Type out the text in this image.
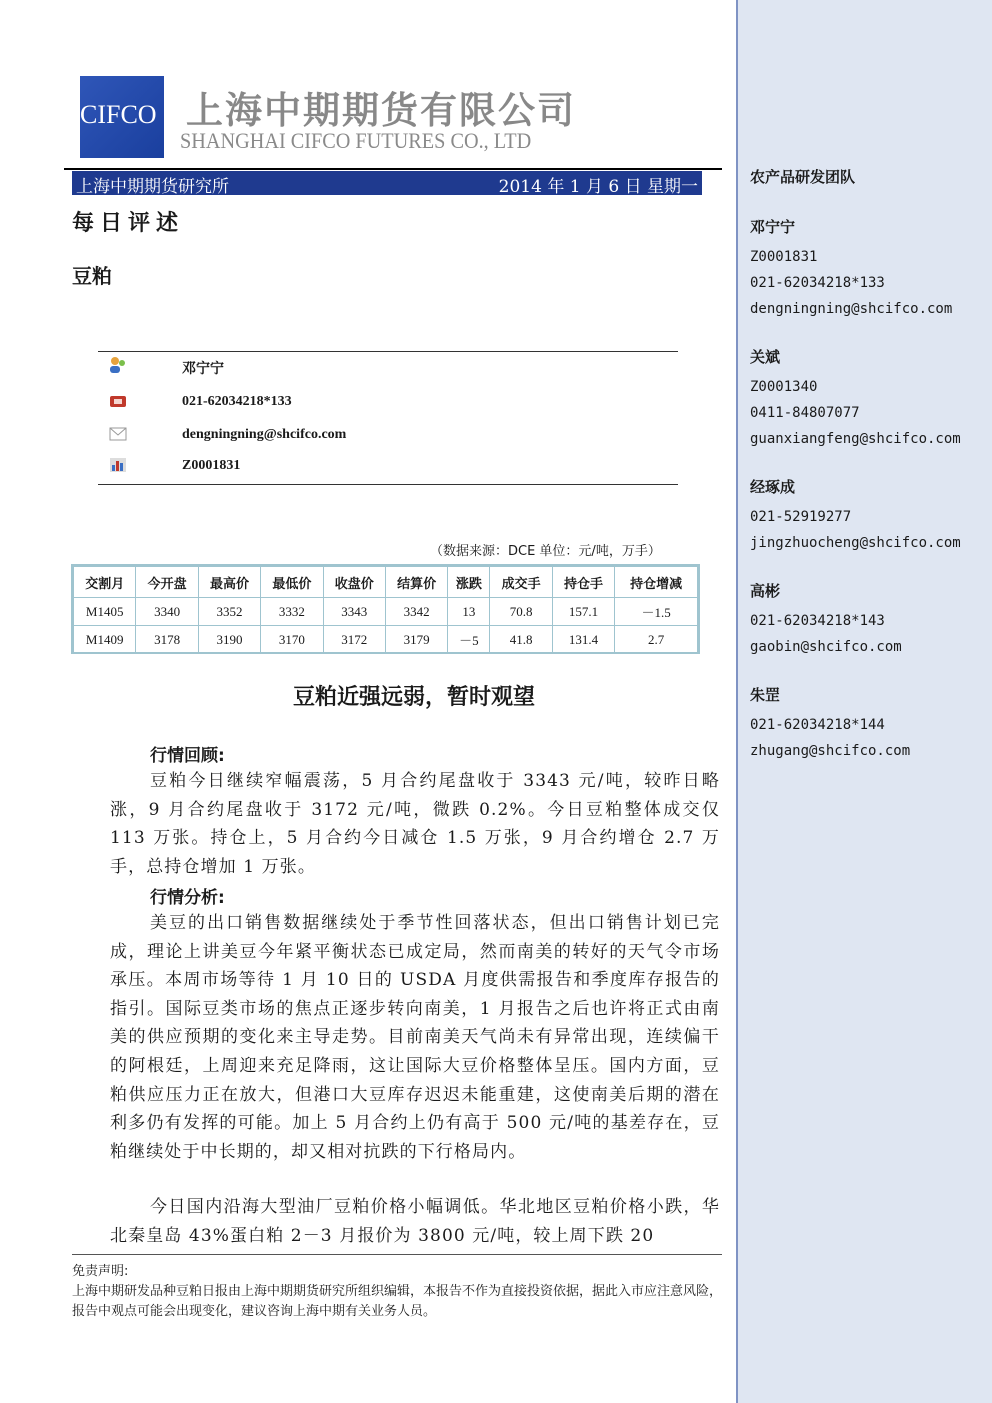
CIFCO 上海中期期货有限公司
SHANGHAI CIFCO FUTURES CO., LTD
上海中期期货研究所	2014 年 1 月 6 日 星期一
每日评述
豆粕
邓宁宁
021-62034218*133
dengningning@shcifco.com
Z0001831
（数据来源：DCE 单位：元/吨，万手）
交割月	今开盘	最高价	最低价	收盘价	结算价	涨跌	成交手	持仓手	持仓增减
M1405	3340	3352	3332	3343	3342	13	70.8	157.1	－1.5
M1409	3178	3190	3170	3172	3179	－5	41.8	131.4	2.7
豆粕近强远弱，暂时观望
行情回顾:
豆粕今日继续窄幅震荡，5 月合约尾盘收于 3343 元/吨，较昨日略涨，9 月合约尾盘收于 3172 元/吨，微跌 0.2%。今日豆粕整体成交仅 113 万张。持仓上，5 月合约今日减仓 1.5 万张，9 月合约增仓 2.7 万手，总持仓增加 1 万张。
行情分析:
美豆的出口销售数据继续处于季节性回落状态，但出口销售计划已完成，理论上讲美豆今年紧平衡状态已成定局，然而南美的转好的天气令市场承压。本周市场等待 1 月 10 日的 USDA 月度供需报告和季度库存报告的指引。国际豆类市场的焦点正逐步转向南美，1 月报告之后也许将正式由南美的供应预期的变化来主导走势。目前南美天气尚未有异常出现，连续偏干的阿根廷，上周迎来充足降雨，这让国际大豆价格整体呈压。国内方面，豆粕供应压力正在放大，但港口大豆库存迟迟未能重建，这使南美后期的潜在利多仍有发挥的可能。加上 5 月合约上仍有高于 500 元/吨的基差存在，豆粕继续处于中长期的，却又相对抗跌的下行格局内。
今日国内沿海大型油厂豆粕价格小幅调低。华北地区豆粕价格小跌，华北秦皇岛 43%蛋白粕 2－3 月报价为 3800 元/吨，较上周下跌 20
免责声明:
上海中期研发品种豆粕日报由上海中期期货研究所组织编辑，本报告不作为直接投资依据，据此入市应注意风险，报告中观点可能会出现变化，建议咨询上海中期有关业务人员。
农产品研发团队
邓宁宁
Z0001831
021-62034218*133
dengningning@shcifco.com
关斌
Z0001340
0411-84807077
guanxiangfeng@shcifco.com
经琢成
021-52919277
jingzhuocheng@shcifco.com
高彬
021-62034218*143
gaobin@shcifco.com
朱罡
021-62034218*144
zhugang@shcifco.com
